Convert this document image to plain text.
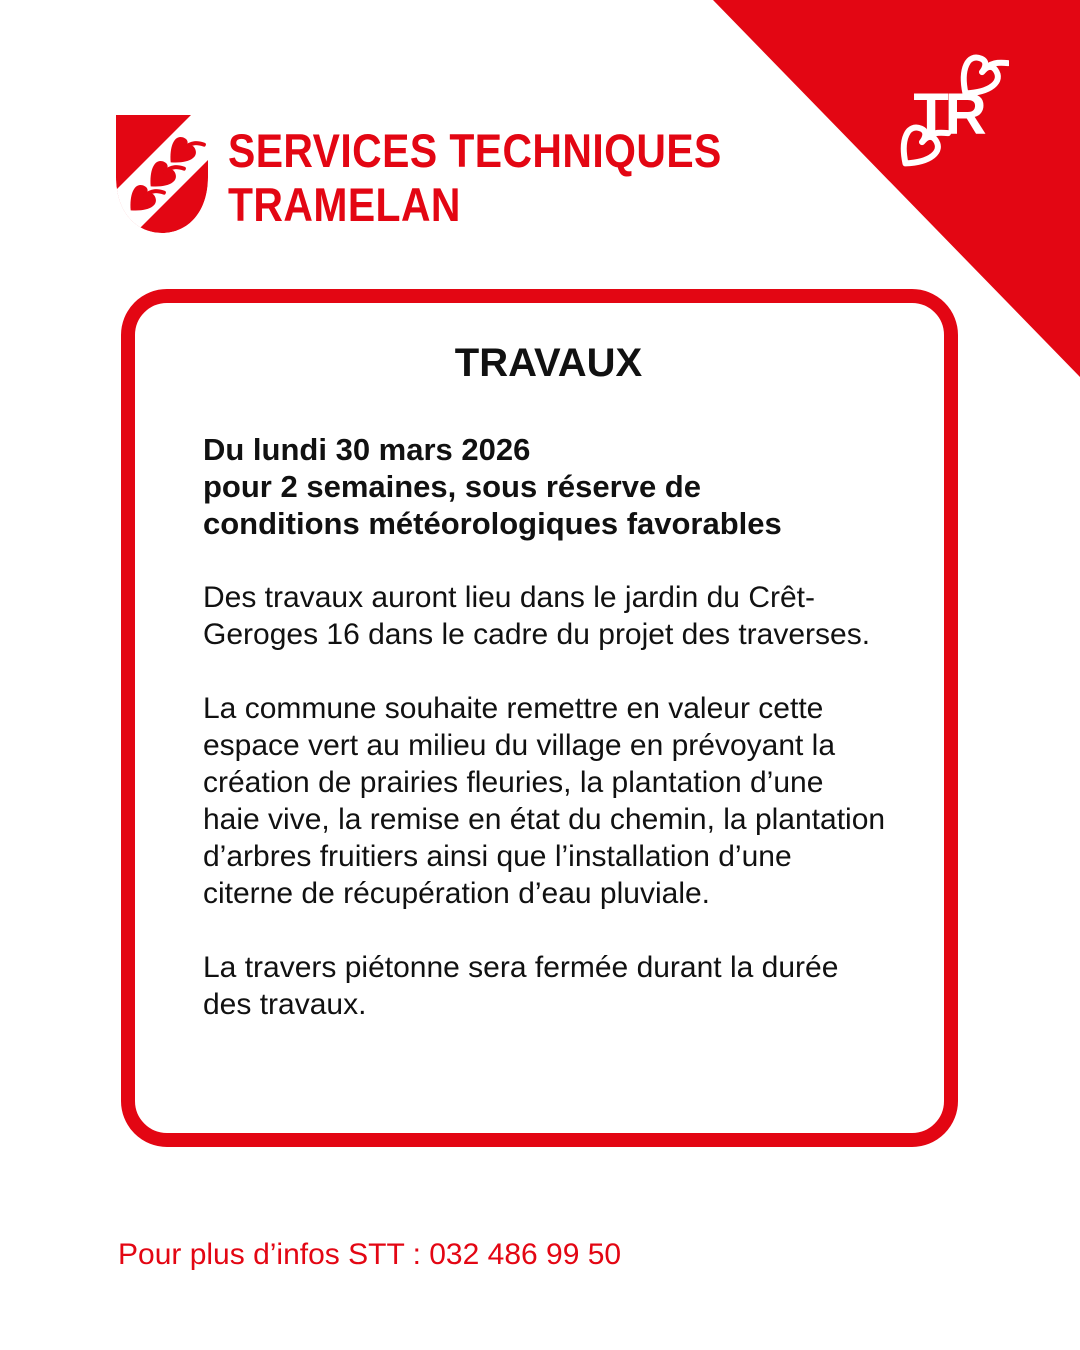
TR
SERVICES TECHNIQUES
TRAMELAN
TRAVAUX
Du lundi 30 mars 2026
pour 2 semaines, sous réserve de
conditions météorologiques favorables

Des travaux auront lieu dans le jardin du Crêt-Geroges 16 dans le cadre du projet des traverses.

La commune souhaite remettre en valeur cette espace vert au milieu du village en prévoyant la création de prairies fleuries, la plantation d’une haie vive, la remise en état du chemin, la plantation d’arbres fruitiers ainsi que l’installation d’une citerne de récupération d’eau pluviale.

La travers piétonne sera fermée durant la durée des travaux.

Pour plus d’infos STT : 032 486 99 50
